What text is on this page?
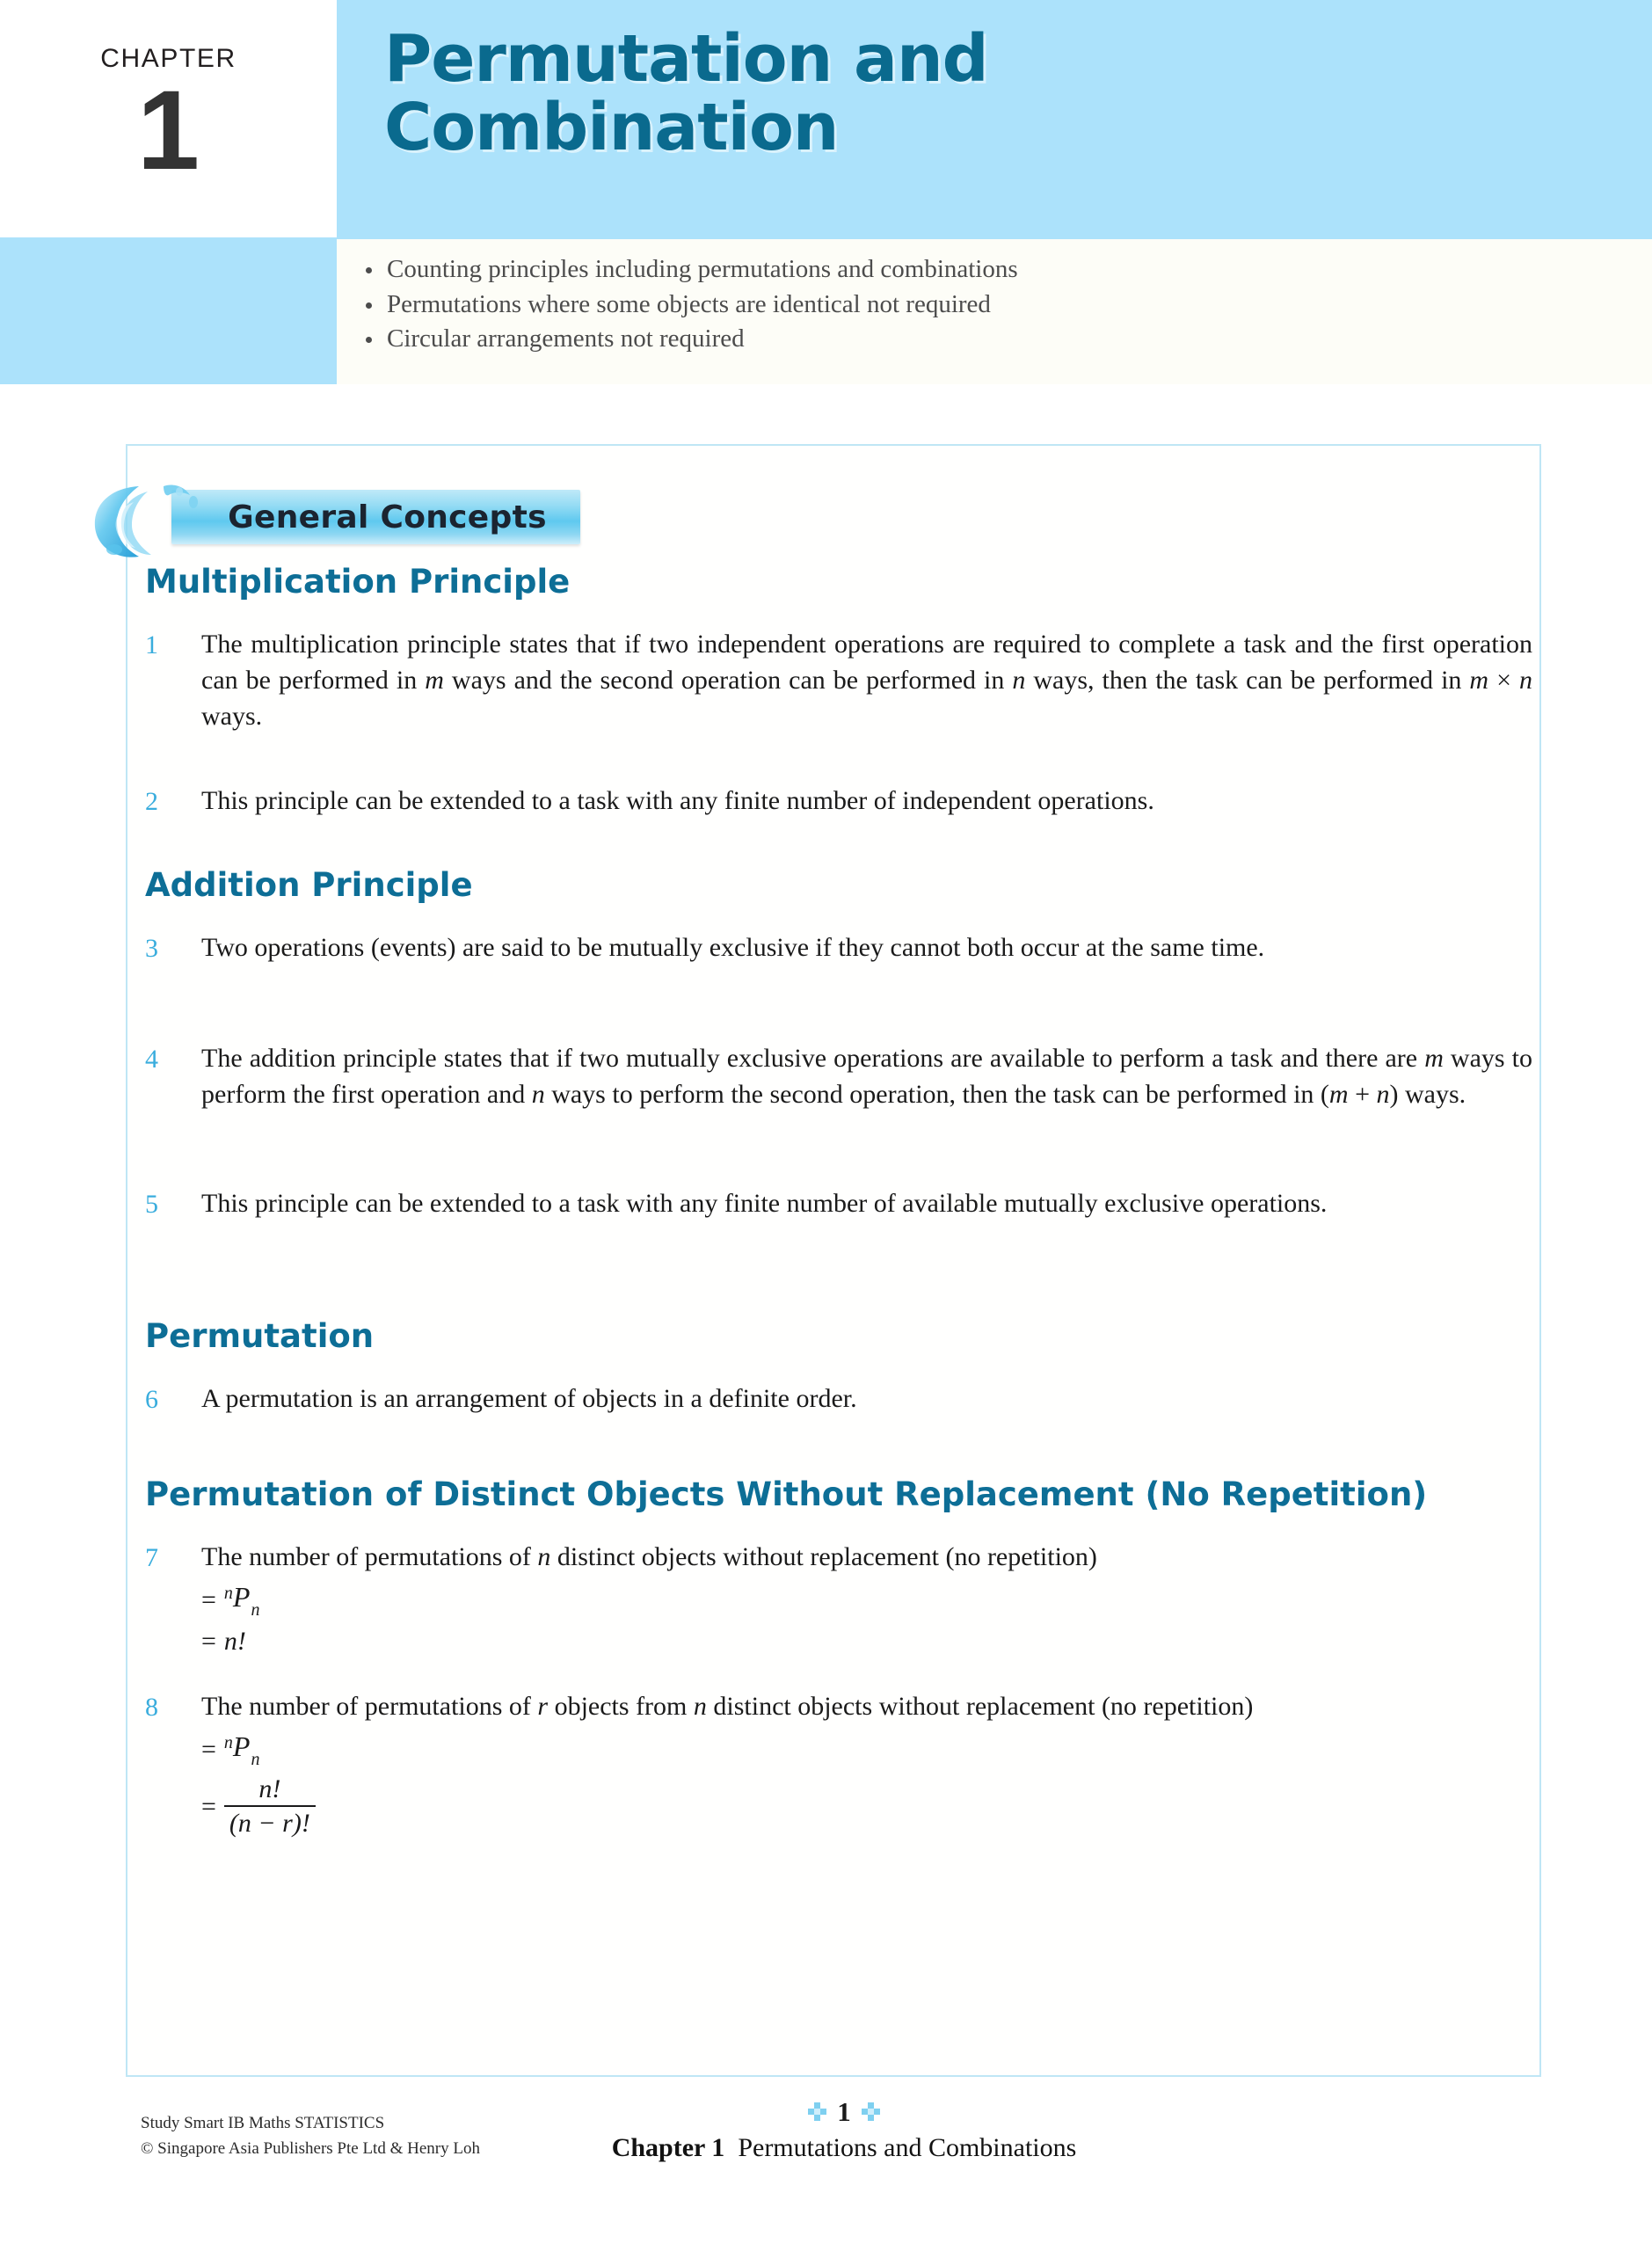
CHAPTER
1
Permutation and
Combination
Counting principles including permutations and combinations
Permutations where some objects are identical not required
Circular arrangements not required
General Concepts
Multiplication Principle
1	The multiplication principle states that if two independent operations are required to complete a task and the first operation can be performed in m ways and the second operation can be performed in n ways, then the task can be performed in m × n ways.
2	This principle can be extended to a task with any finite number of independent operations.
Addition Principle
3	Two operations (events) are said to be mutually exclusive if they cannot both occur at the same time.
4	The addition principle states that if two mutually exclusive operations are available to perform a task and there are m ways to perform the first operation and n ways to perform the second operation, then the task can be performed in (m + n) ways.
5	This principle can be extended to a task with any finite number of available mutually exclusive operations.
Permutation
6	A permutation is an arrangement of objects in a definite order.
Permutation of Distinct Objects Without Replacement (No Repetition)
7	The number of permutations of n distinct objects without replacement (no repetition)
= $^nP_n$
= n!
8	The number of permutations of r objects from n distinct objects without replacement (no repetition)
= $^nP_n$
= $\frac{n!}{(n - r)!}$
Study Smart IB Maths STATISTICS
© Singapore Asia Publishers Pte Ltd & Henry Loh
1
Chapter 1 Permutations and Combinations
